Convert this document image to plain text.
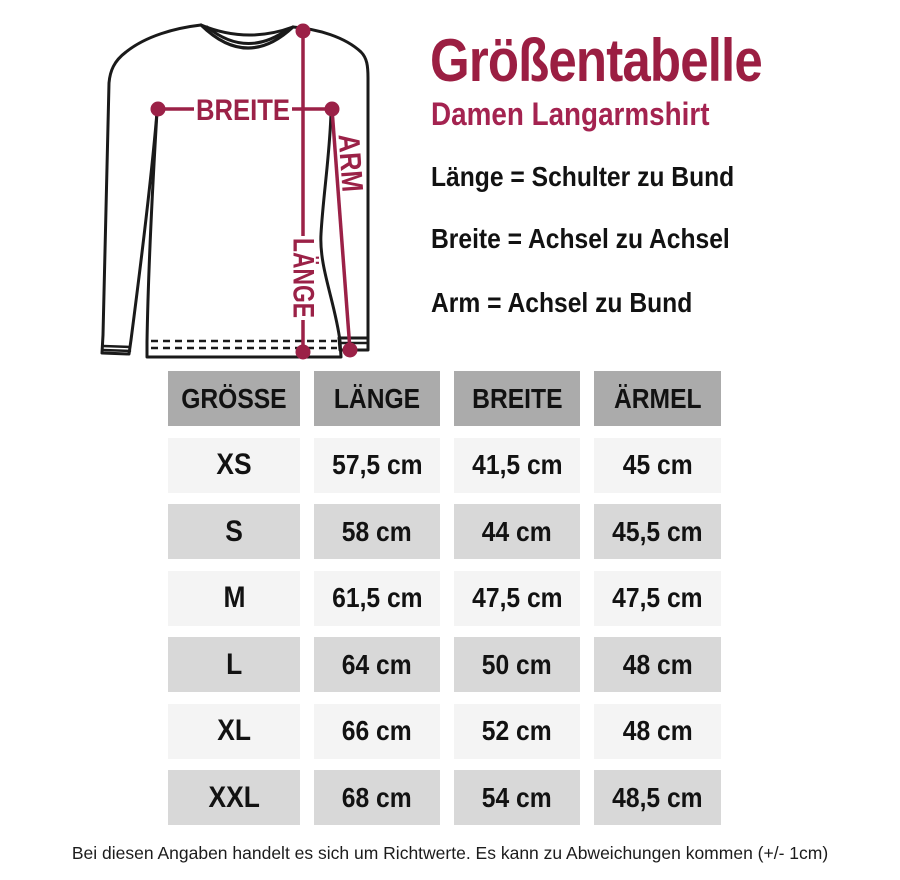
BREITE
LÄNGE
ARM
Größentabelle
Damen Langarmshirt
Länge = Schulter zu Bund
Breite = Achsel zu Achsel
Arm = Achsel zu Bund
GRÖSSE LÄNGE BREITE ÄRMEL
XS	57,5 cm 41,5 cm 45 cm
S	58 cm	44 cm 45,5 cm
M	61,5 cm 47,5 cm 47,5 cm
L	64 cm	50 cm	48 cm
XL	66 cm	52 cm	48 cm
XXL	68 cm	54 cm 48,5 cm
Bei diesen Angaben handelt es sich um Richtwerte. Es kann zu Abweichungen kommen (+/- 1cm)
